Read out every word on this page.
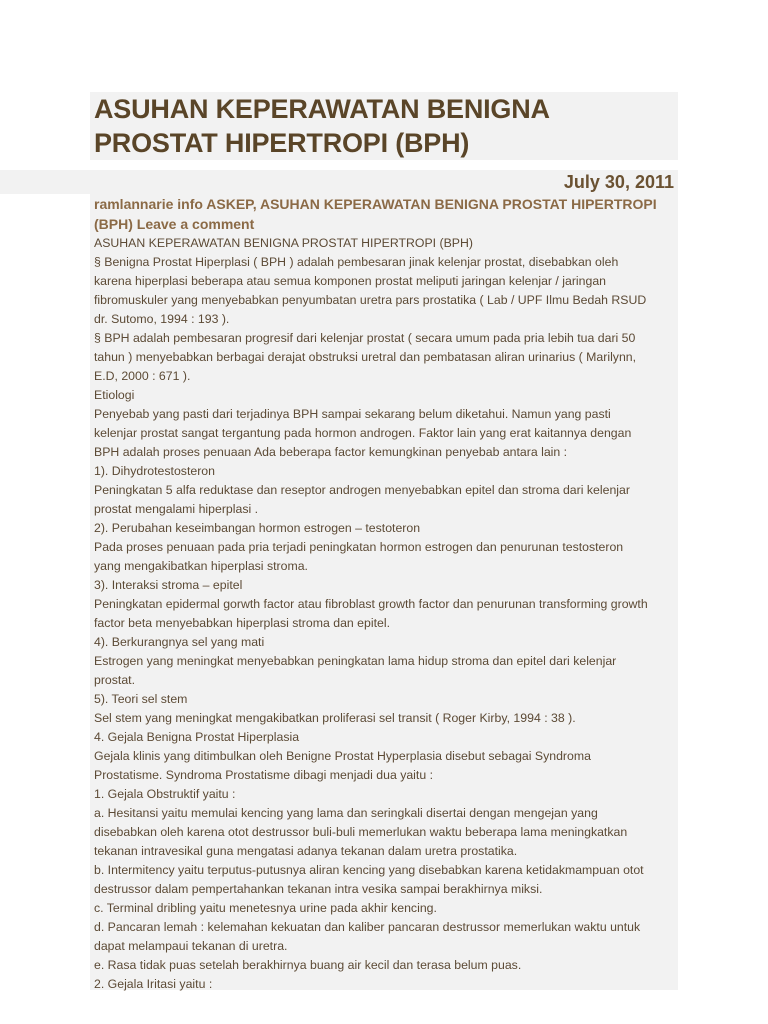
ASUHAN KEPERAWATAN BENIGNA PROSTAT HIPERTROPI (BPH)
July 30, 2011
ramlannarie info ASKEP, ASUHAN KEPERAWATAN BENIGNA PROSTAT HIPERTROPI (BPH) Leave a comment
ASUHAN KEPERAWATAN BENIGNA PROSTAT HIPERTROPI (BPH)
§ Benigna Prostat Hiperplasi ( BPH ) adalah pembesaran jinak kelenjar prostat, disebabkan oleh
karena hiperplasi beberapa atau semua komponen prostat meliputi jaringan kelenjar / jaringan
fibromuskuler yang menyebabkan penyumbatan uretra pars prostatika ( Lab / UPF Ilmu Bedah RSUD
dr. Sutomo, 1994 : 193 ).
§ BPH adalah pembesaran progresif dari kelenjar prostat ( secara umum pada pria lebih tua dari 50
tahun ) menyebabkan berbagai derajat obstruksi uretral dan pembatasan aliran urinarius ( Marilynn,
E.D, 2000 : 671 ).
Etiologi
Penyebab yang pasti dari terjadinya BPH sampai sekarang belum diketahui. Namun yang pasti
kelenjar prostat sangat tergantung pada hormon androgen. Faktor lain yang erat kaitannya dengan
BPH adalah proses penuaan Ada beberapa factor kemungkinan penyebab antara lain :
1). Dihydrotestosteron
Peningkatan 5 alfa reduktase dan reseptor androgen menyebabkan epitel dan stroma dari kelenjar
prostat mengalami hiperplasi .
2). Perubahan keseimbangan hormon estrogen – testoteron
Pada proses penuaan pada pria terjadi peningkatan hormon estrogen dan penurunan testosteron
yang mengakibatkan hiperplasi stroma.
3). Interaksi stroma – epitel
Peningkatan epidermal gorwth factor atau fibroblast growth factor dan penurunan transforming growth
factor beta menyebabkan hiperplasi stroma dan epitel.
4). Berkurangnya sel yang mati
Estrogen yang meningkat menyebabkan peningkatan lama hidup stroma dan epitel dari kelenjar
prostat.
5). Teori sel stem
Sel stem yang meningkat mengakibatkan proliferasi sel transit ( Roger Kirby, 1994 : 38 ).
4. Gejala Benigna Prostat Hiperplasia
Gejala klinis yang ditimbulkan oleh Benigne Prostat Hyperplasia disebut sebagai Syndroma
Prostatisme. Syndroma Prostatisme dibagi menjadi dua yaitu :
1. Gejala Obstruktif yaitu :
a. Hesitansi yaitu memulai kencing yang lama dan seringkali disertai dengan mengejan yang
disebabkan oleh karena otot destrussor buli-buli memerlukan waktu beberapa lama meningkatkan
tekanan intravesikal guna mengatasi adanya tekanan dalam uretra prostatika.
b. Intermitency yaitu terputus-putusnya aliran kencing yang disebabkan karena ketidakmampuan otot
destrussor dalam pempertahankan tekanan intra vesika sampai berakhirnya miksi.
c. Terminal dribling yaitu menetesnya urine pada akhir kencing.
d. Pancaran lemah : kelemahan kekuatan dan kaliber pancaran destrussor memerlukan waktu untuk
dapat melampaui tekanan di uretra.
e. Rasa tidak puas setelah berakhirnya buang air kecil dan terasa belum puas.
2. Gejala Iritasi yaitu :
